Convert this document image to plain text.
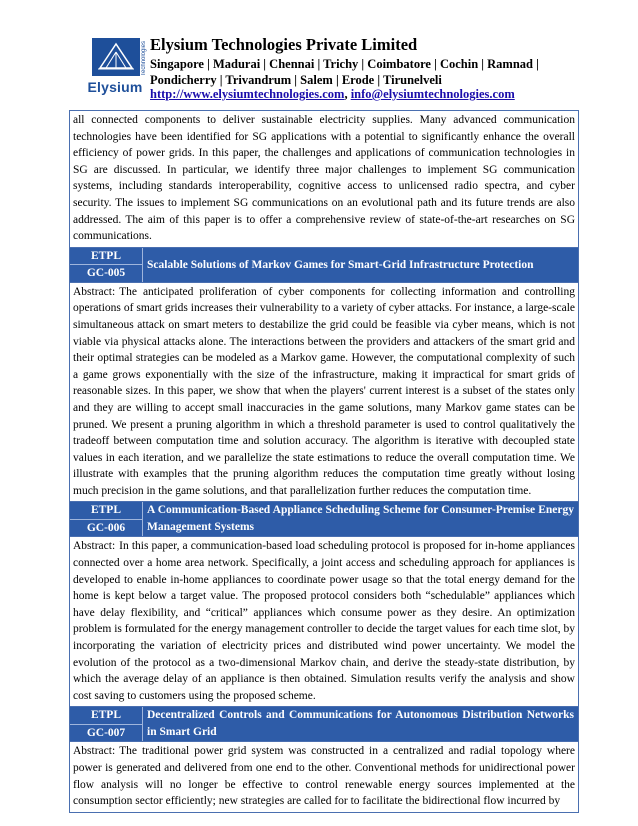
Technologies
Elysium
Elysium Technologies Private Limited
Singapore | Madurai | Chennai | Trichy | Coimbatore | Cochin | Ramnad | Pondicherry | Trivandrum | Salem | Erode | Tirunelveli
http://www.elysiumtechnologies.com, info@elysiumtechnologies.com
all connected components to deliver sustainable electricity supplies. Many advanced communication technologies have been identified for SG applications with a potential to significantly enhance the overall efficiency of power grids. In this paper, the challenges and applications of communication technologies in SG are discussed. In particular, we identify three major challenges to implement SG communication systems, including standards interoperability, cognitive access to unlicensed radio spectra, and cyber security. The issues to implement SG communications on an evolutional path and its future trends are also addressed. The aim of this paper is to offer a comprehensive review of state-of-the-art researches on SG communications.
ETPL
GC-005
Scalable Solutions of Markov Games for Smart-Grid Infrastructure Protection
Abstract: The anticipated proliferation of cyber components for collecting information and controlling operations of smart grids increases their vulnerability to a variety of cyber attacks. For instance, a large-scale simultaneous attack on smart meters to destabilize the grid could be feasible via cyber means, which is not viable via physical attacks alone. The interactions between the providers and attackers of the smart grid and their optimal strategies can be modeled as a Markov game. However, the computational complexity of such a game grows exponentially with the size of the infrastructure, making it impractical for smart grids of reasonable sizes. In this paper, we show that when the players' current interest is a subset of the states only and they are willing to accept small inaccuracies in the game solutions, many Markov game states can be pruned. We present a pruning algorithm in which a threshold parameter is used to control qualitatively the tradeoff between computation time and solution accuracy. The algorithm is iterative with decoupled state values in each iteration, and we parallelize the state estimations to reduce the overall computation time. We illustrate with examples that the pruning algorithm reduces the computation time greatly without losing much precision in the game solutions, and that parallelization further reduces the computation time.
ETPL
GC-006
A Communication-Based Appliance Scheduling Scheme for Consumer-Premise Energy Management Systems
Abstract: In this paper, a communication-based load scheduling protocol is proposed for in-home appliances connected over a home area network. Specifically, a joint access and scheduling approach for appliances is developed to enable in-home appliances to coordinate power usage so that the total energy demand for the home is kept below a target value. The proposed protocol considers both “schedulable” appliances which have delay flexibility, and “critical” appliances which consume power as they desire. An optimization problem is formulated for the energy management controller to decide the target values for each time slot, by incorporating the variation of electricity prices and distributed wind power uncertainty. We model the evolution of the protocol as a two-dimensional Markov chain, and derive the steady-state distribution, by which the average delay of an appliance is then obtained. Simulation results verify the analysis and show cost saving to customers using the proposed scheme.
ETPL
GC-007
Decentralized Controls and Communications for Autonomous Distribution Networks in Smart Grid
Abstract: The traditional power grid system was constructed in a centralized and radial topology where power is generated and delivered from one end to the other. Conventional methods for unidirectional power flow analysis will no longer be effective to control renewable energy sources implemented at the consumption sector efficiently; new strategies are called for to facilitate the bidirectional flow incurred by
